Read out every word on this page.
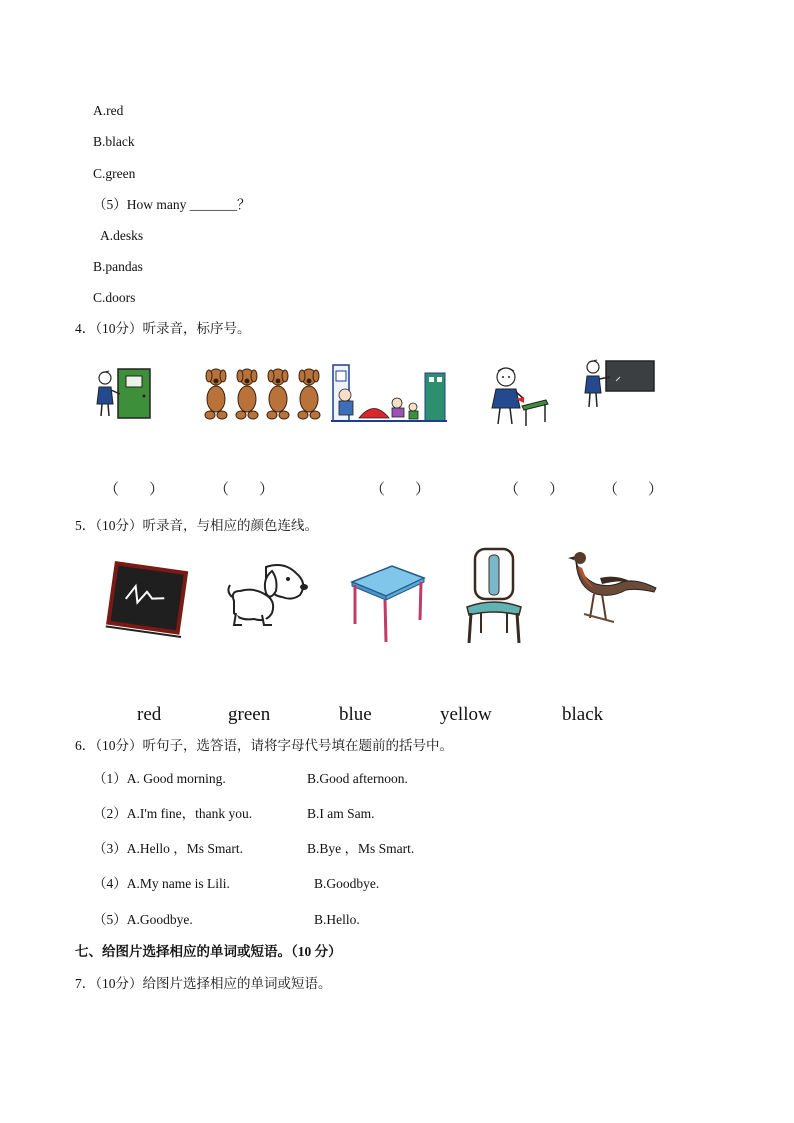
A.red
B.black
C.green
（5）How many _______？
A.desks
B.pandas
C.doors
4．（10分）听录音，标序号。
（　　）	（　　）	（　　）	（　　）	（　　）
5．（10分）听录音，与相应的颜色连线。
red	green	blue	yellow	black
6．（10分）听句子，选答语，请将字母代号填在题前的括号中。
（1）A. Good morning.	B.Good afternoon.
（2）A.I'm fine，thank you.	B.I am Sam.
（3）A.Hello ，Ms Smart.	B.Bye ，Ms Smart.
（4）A.My name is Lili.	B.Goodbye.
（5）A.Goodbye.	B.Hello.
七、给图片选择相应的单词或短语。（10 分）
7．（10分）给图片选择相应的单词或短语。
